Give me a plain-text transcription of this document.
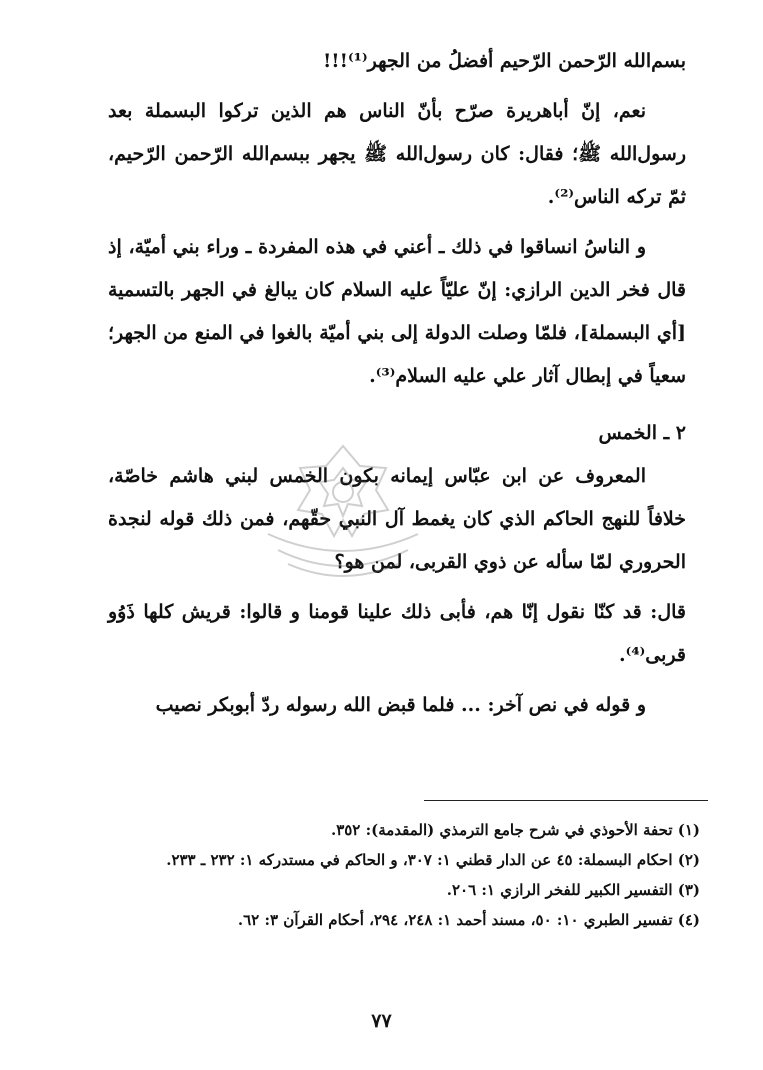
بسم‌الله الرّحمن الرّحيم أفضلُ من الجهر⁽¹⁾!!!

نعم، إنّ أباهريرة صرّح بأنّ الناس هم الذين تركوا البسملة بعد رسول‌الله ﷺ؛ فقال: كان رسول‌الله ﷺ يجهر ببسم‌الله الرّحمن الرّحيم، ثمّ تركه الناس⁽²⁾.

و الناسُ انساقوا في ذلك ـ أعني في هذه المفردة ـ وراء بني أميّة، إذ قال فخر الدين الرازي: إنّ عليّاً عليه السلام كان يبالغ في الجهر بالتسمية [أي البسملة]، فلمّا وصلت الدولة إلى بني أميّة بالغوا في المنع من الجهر؛ سعياً في إبطال آثار علي عليه السلام⁽³⁾.

٢ ـ الخمس

المعروف عن ابن عبّاس إيمانه بكون الخمس لبني هاشم خاصّة، خلافاً للنهج الحاكم الذي كان يغمط آل النبي حقّهم، فمن ذلك قوله لنجدة الحروري لمّا سأله عن ذوي القربى، لمن هو؟

قال: قد كنّا نقول إنّا هم، فأبى ذلك علينا قومنا و قالوا: قريش كلها ذَوُو قربى⁽⁴⁾.

و قوله في نص آخر: ... فلما قبض الله رسوله ردّ أبوبكر نصيب

(١) تحفة الأحوذي في شرح جامع الترمذي (المقدمة): ٣٥٢.

(٢) احكام البسملة: ٤٥ عن الدار قطني ١: ٣٠٧، و الحاكم في مستدركه ١: ٢٣٢ ـ ٢٣٣.

(٣) التفسير الكبير للفخر الرازي ١: ٢٠٦.

(٤) تفسير الطبري ١٠: ٥٠، مسند أحمد ١: ٢٤٨، ٢٩٤، أحكام القرآن ٣: ٦٢.

٧٧
